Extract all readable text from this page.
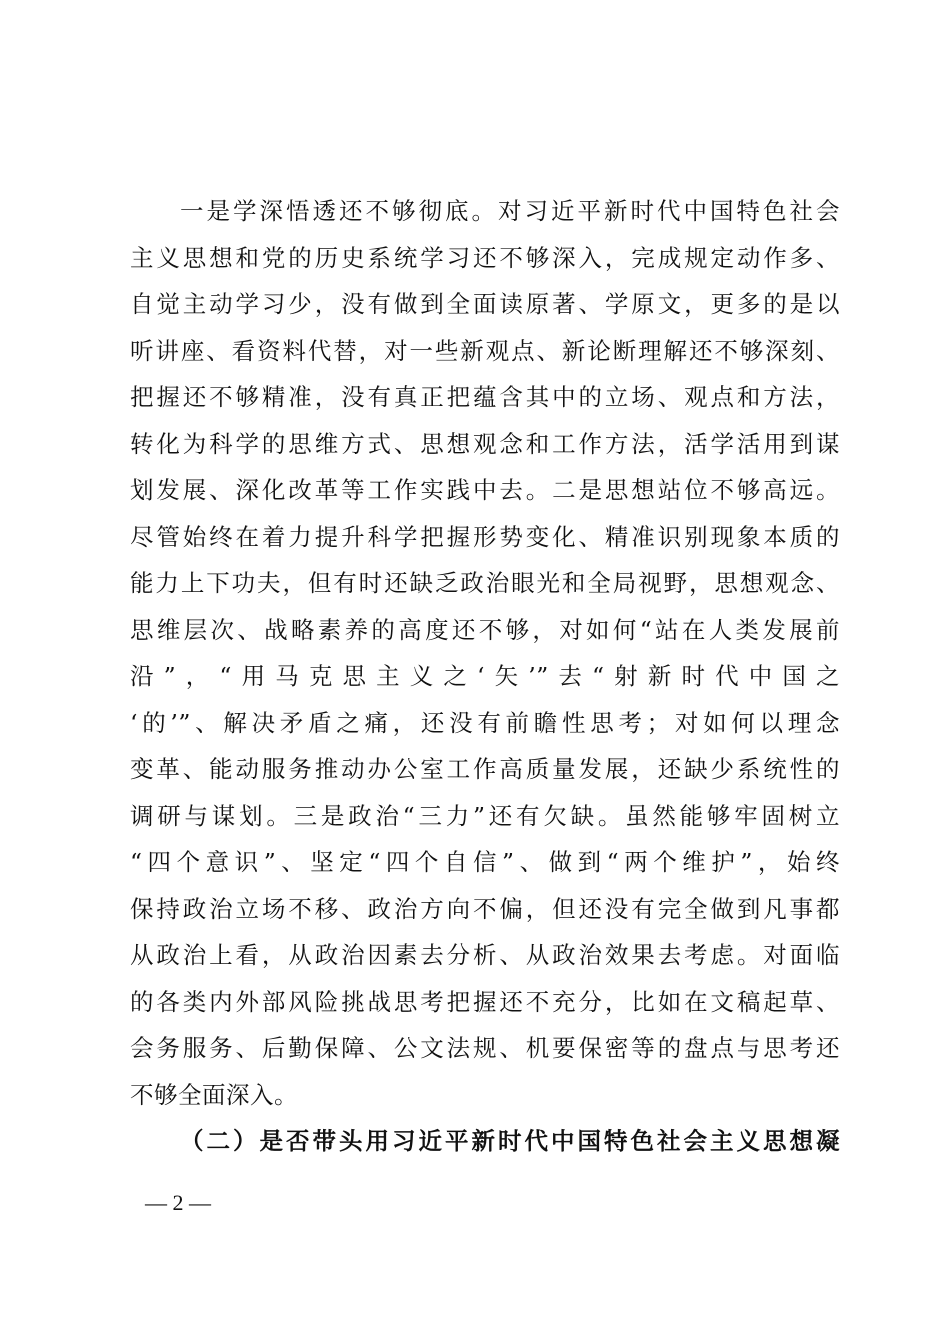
一是学深悟透还不够彻底。对习近平新时代中国特色社会
主义思想和党的历史系统学习还不够深入，完成规定动作多、
自觉主动学习少，没有做到全面读原著、学原文，更多的是以
听讲座、看资料代替，对一些新观点、新论断理解还不够深刻、
把握还不够精准，没有真正把蕴含其中的立场、观点和方法，
转化为科学的思维方式、思想观念和工作方法，活学活用到谋
划发展、深化改革等工作实践中去。二是思想站位不够高远。
尽管始终在着力提升科学把握形势变化、精准识别现象本质的
能力上下功夫，但有时还缺乏政治眼光和全局视野，思想观念、
思维层次、战略素养的高度还不够，对如何“站在人类发展前
沿”，“用马克思主义之‘矢’”去“射新时代中国之
‘的’”、解决矛盾之痛，还没有前瞻性思考；对如何以理念
变革、能动服务推动办公室工作高质量发展，还缺少系统性的
调研与谋划。三是政治“三力”还有欠缺。虽然能够牢固树立
“四个意识”、坚定“四个自信”、做到“两个维护”，始终
保持政治立场不移、政治方向不偏，但还没有完全做到凡事都
从政治上看，从政治因素去分析、从政治效果去考虑。对面临
的各类内外部风险挑战思考把握还不充分，比如在文稿起草、
会务服务、后勤保障、公文法规、机要保密等的盘点与思考还
不够全面深入。
（二）是否带头用习近平新时代中国特色社会主义思想凝
— 2 —
